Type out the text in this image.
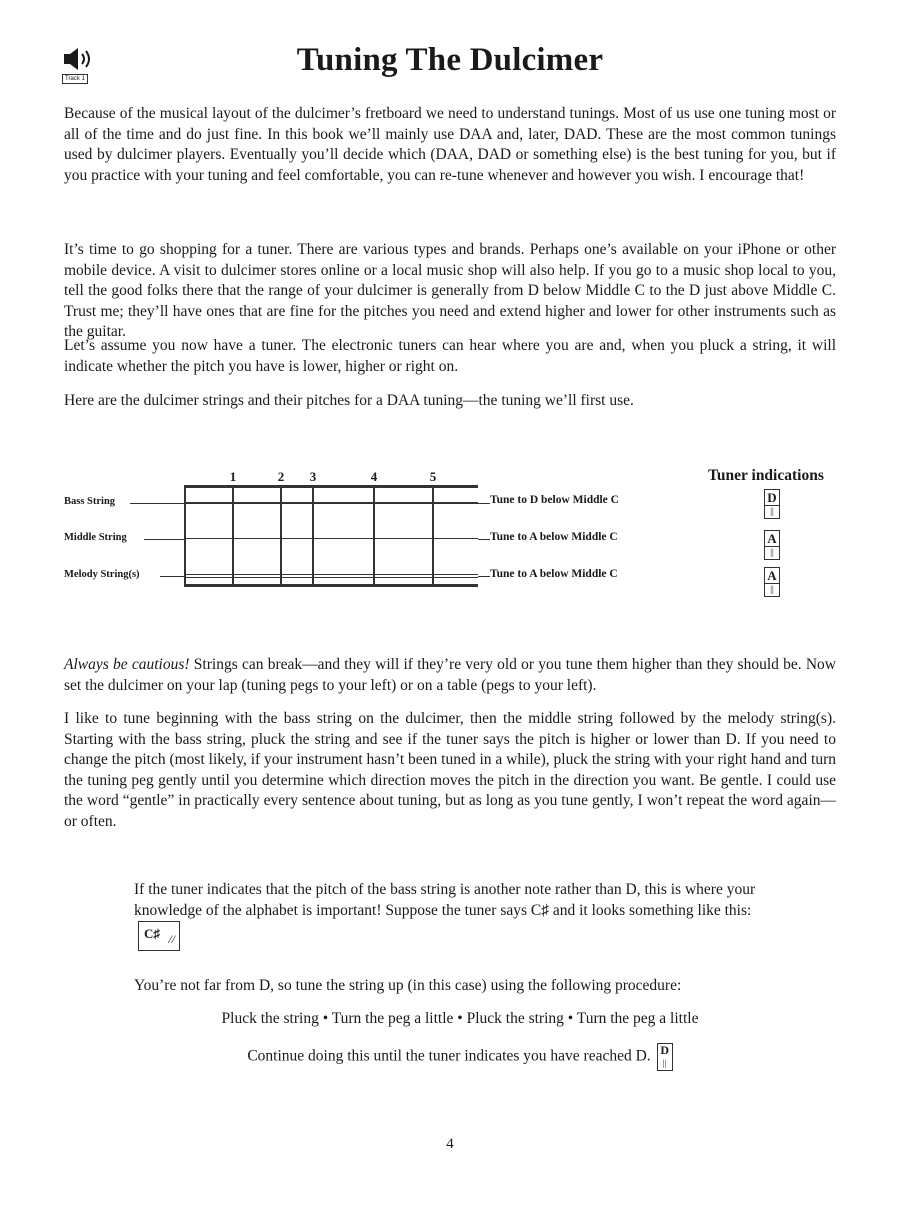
Track 1
Tuning The Dulcimer

Because of the musical layout of the dulcimer’s fretboard we need to understand tunings. Most of us use one tuning most or all of the time and do just fine. In this book we’ll mainly use DAA and, later, DAD. These are the most common tunings used by dulcimer players. Eventually you’ll decide which (DAA, DAD or something else) is the best tuning for you, but if you practice with your tuning and feel comfortable, you can re-tune whenever and however you wish. I encourage that!

It’s time to go shopping for a tuner. There are various types and brands. Perhaps one’s available on your iPhone or other mobile device. A visit to dulcimer stores online or a local music shop will also help. If you go to a music shop local to you, tell the good folks there that the range of your dulcimer is generally from D below Middle C to the D just above Middle C. Trust me; they’ll have ones that are fine for the pitches you need and extend higher and lower for other instruments such as the guitar.

Let’s assume you now have a tuner. The electronic tuners can hear where you are and, when you pluck a string, it will indicate whether the pitch you have is lower, higher or right on.

Here are the dulcimer strings and their pitches for a DAA tuning—the tuning we’ll first use.

1	2	3	4	5	Tuner indications
Bass String	Tune to D below Middle C	D
||
Middle String	Tune to A below Middle C	A
||
Melody String(s)	Tune to A below Middle C	A
||

Always be cautious! Strings can break—and they will if they’re very old or you tune them higher than they should be. Now set the dulcimer on your lap (tuning pegs to your left) or on a table (pegs to your left).

I like to tune beginning with the bass string on the dulcimer, then the middle string followed by the melody string(s). Starting with the bass string, pluck the string and see if the tuner says the pitch is higher or lower than D. If you need to change the pitch (most likely, if your instrument hasn’t been tuned in a while), pluck the string with your right hand and turn the tuning peg gently until you determine which direction moves the pitch in the direction you want. Be gentle. I could use the word “gentle” in practically every sentence about tuning, but as long as you tune gently, I won’t repeat the word again—or often.

If the tuner indicates that the pitch of the bass string is another note rather than D, this is where your knowledge of the alphabet is important! Suppose the tuner says C♯ and it looks something like this:
C♯ //

You’re not far from D, so tune the string up (in this case) using the following procedure:

Pluck the string • Turn the peg a little • Pluck the string • Turn the peg a little
Continue doing this until the tuner indicates you have reached D. D
||
4
